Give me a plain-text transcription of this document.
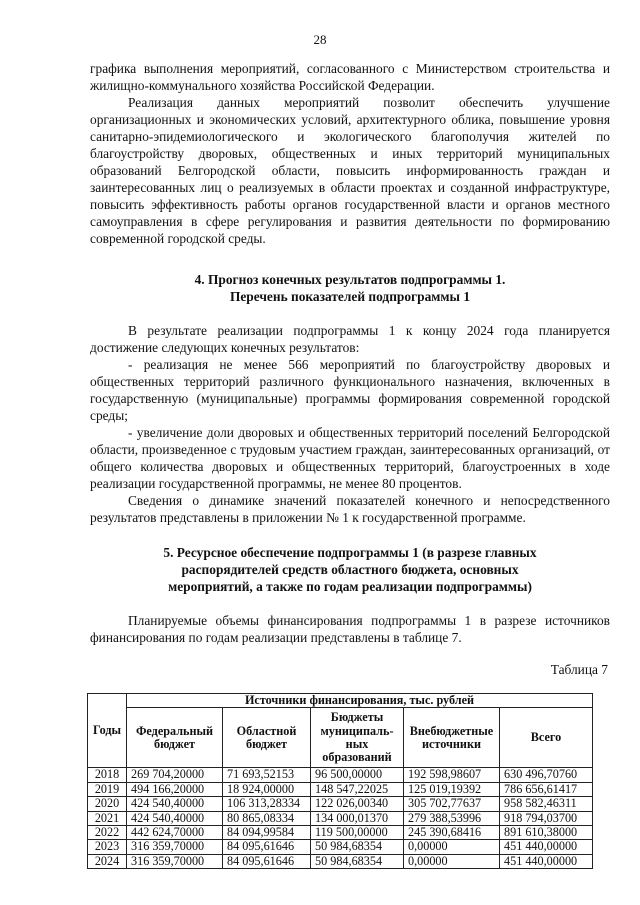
28

графика выполнения мероприятий, согласованного с Министерством строительства и жилищно-коммунального хозяйства Российской Федерации.

Реализация данных мероприятий позволит обеспечить улучшение организационных и экономических условий, архитектурного облика, повышение уровня санитарно-эпидемиологического и экологического благополучия жителей по благоустройству дворовых, общественных и иных территорий муниципальных образований Белгородской области, повысить информированность граждан и заинтересованных лиц о реализуемых в области проектах и созданной инфраструктуре, повысить эффективность работы органов государственной власти и органов местного самоуправления в сфере регулирования и развития деятельности по формированию современной городской среды.

4. Прогноз конечных результатов подпрограммы 1.
Перечень показателей подпрограммы 1

В результате реализации подпрограммы 1 к концу 2024 года планируется достижение следующих конечных результатов:

- реализация не менее 566 мероприятий по благоустройству дворовых и общественных территорий различного функционального назначения, включенных в государственную (муниципальные) программы формирования современной городской среды;

- увеличение доли дворовых и общественных территорий поселений Белгородской области, произведенное с трудовым участием граждан, заинтересованных организаций, от общего количества дворовых и общественных территорий, благоустроенных в ходе реализации государственной программы, не менее 80 процентов.

Сведения о динамике значений показателей конечного и непосредственного результатов представлены в приложении № 1 к государственной программе.

5. Ресурсное обеспечение подпрограммы 1 (в разрезе главных
распорядителей средств областного бюджета, основных
мероприятий, а также по годам реализации подпрограммы)

Планируемые объемы финансирования подпрограммы 1 в разрезе источников финансирования по годам реализации представлены в таблице 7.

Таблица 7
Годы	Источники финансирования, тыс. рублей				
	Федеральный бюджет	Областной бюджет	Бюджеты муниципаль-ных образований	Внебюджетные источники	Всего
2018	269 704,20000	71 693,52153	96 500,00000	192 598,98607	630 496,70760
2019	494 166,20000	18 924,00000	148 547,22025	125 019,19392	786 656,61417
2020	424 540,40000	106 313,28334	122 026,00340	305 702,77637	958 582,46311
2021	424 540,40000	80 865,08334	134 000,01370	279 388,53996	918 794,03700
2022	442 624,70000	84 094,99584	119 500,00000	245 390,68416	891 610,38000
2023	316 359,70000	84 095,61646	50 984,68354	0,00000	451 440,00000
2024	316 359,70000	84 095,61646	50 984,68354	0,00000	451 440,00000
